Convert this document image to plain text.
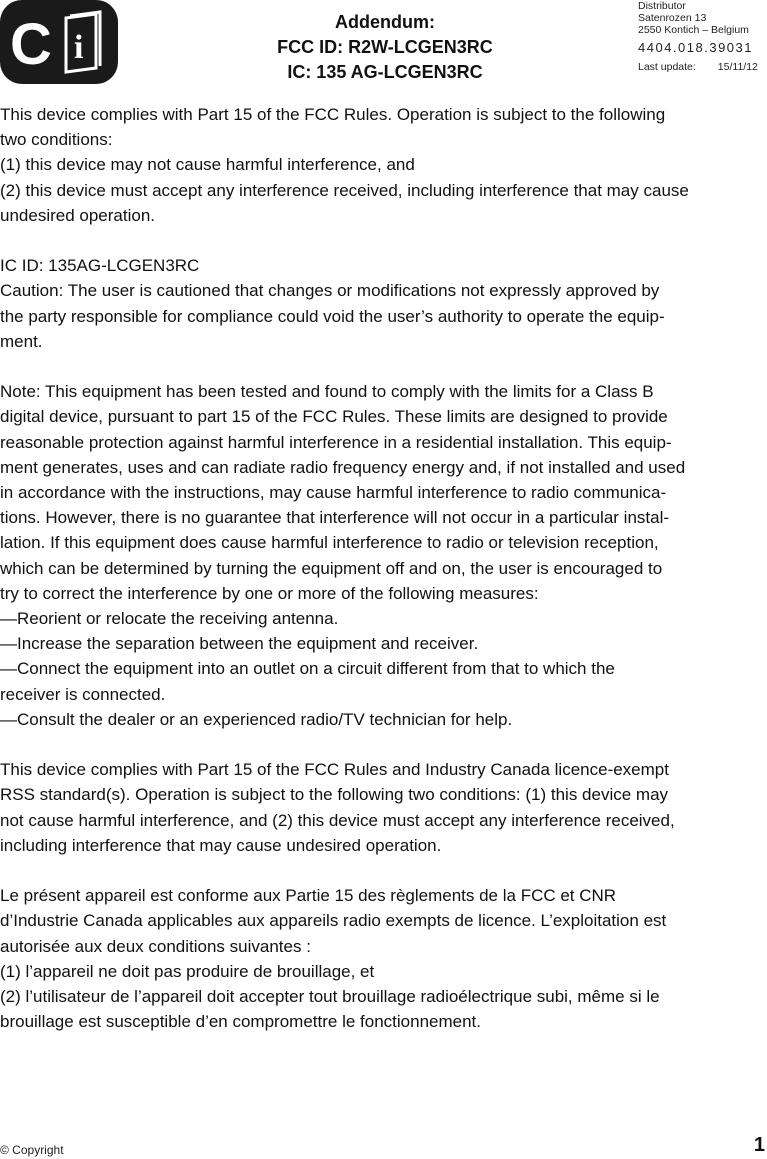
C i
Addendum:
FCC ID: R2W-LCGEN3RC
IC: 135 AG-LCGEN3RC
Distributor
Satenrozen 13
2550 Kontich – Belgium
4404.018.39031
Last update: 15/11/12

This device complies with Part 15 of the FCC Rules. Operation is subject to the following

two conditions:

(1) this device may not cause harmful interference, and

(2) this device must accept any interference received, including interference that may cause

undesired operation.

IC ID: 135AG-LCGEN3RC

Caution: The user is cautioned that changes or modifications not expressly approved by

the party responsible for compliance could void the user’s authority to operate the equip-

ment.

Note: This equipment has been tested and found to comply with the limits for a Class B

digital device, pursuant to part 15 of the FCC Rules. These limits are designed to provide

reasonable protection against harmful interference in a residential installation. This equip-

ment generates, uses and can radiate radio frequency energy and, if not installed and used

in accordance with the instructions, may cause harmful interference to radio communica-

tions. However, there is no guarantee that interference will not occur in a particular instal-

lation. If this equipment does cause harmful interference to radio or television reception,

which can be determined by turning the equipment off and on, the user is encouraged to

try to correct the interference by one or more of the following measures:

—Reorient or relocate the receiving antenna.

—Increase the separation between the equipment and receiver.

—Connect the equipment into an outlet on a circuit different from that to which the

receiver is connected.

—Consult the dealer or an experienced radio/TV technician for help.

This device complies with Part 15 of the FCC Rules and Industry Canada licence-exempt

RSS standard(s). Operation is subject to the following two conditions: (1) this device may

not cause harmful interference, and (2) this device must accept any interference received,

including interference that may cause undesired operation.

Le présent appareil est conforme aux Partie 15 des règlements de la FCC et CNR

d’Industrie Canada applicables aux appareils radio exempts de licence. L’exploitation est

autorisée aux deux conditions suivantes :

(1) l’appareil ne doit pas produire de brouillage, et

(2) l’utilisateur de l’appareil doit accepter tout brouillage radioélectrique subi, même si le

brouillage est susceptible d’en compromettre le fonctionnement.

© Copyright	1
